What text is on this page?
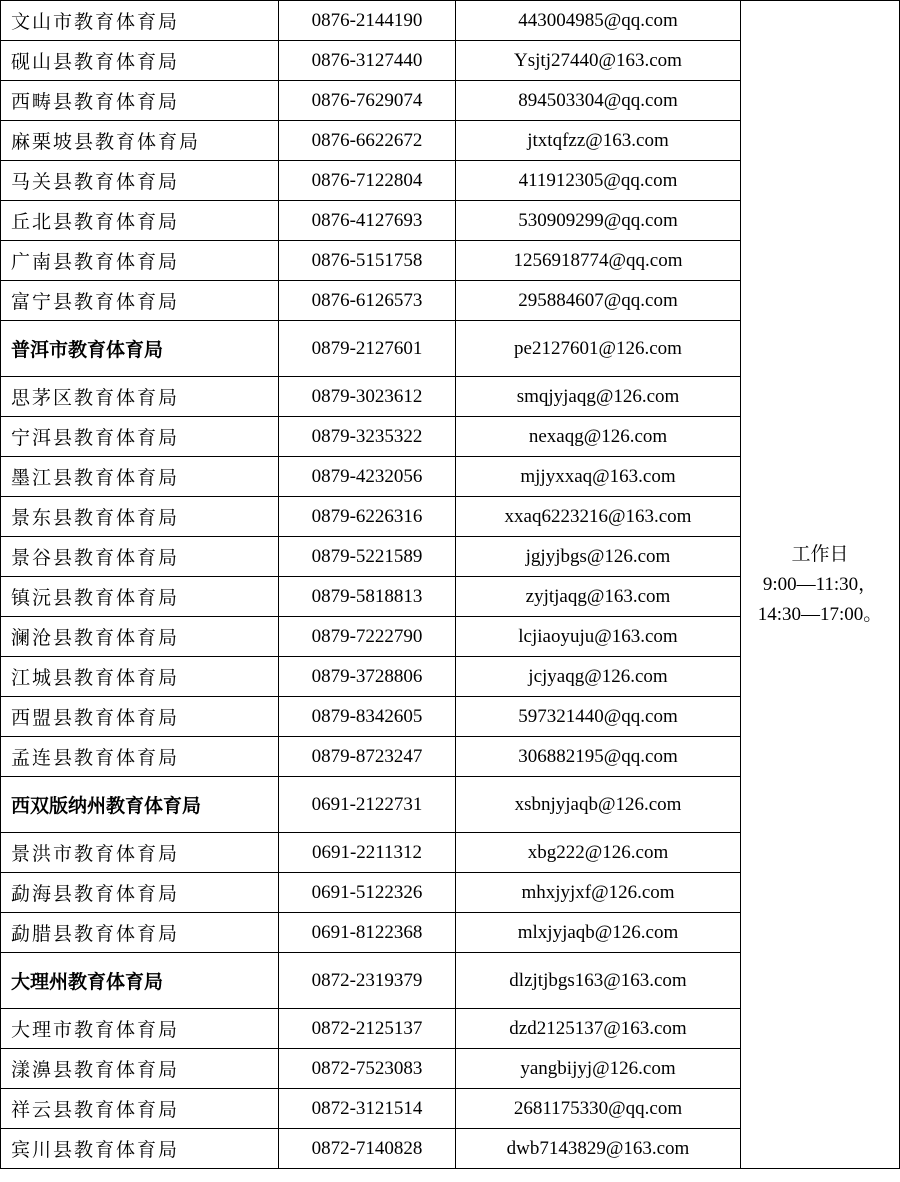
文山市教育体育局	0876-2144190	443004985@qq.com	工作日
9:00—11:30，
14:30—17:00。

砚山县教育体育局	0876-3127440	Ysjtj27440@163.com	
西畴县教育体育局	0876-7629074	894503304@qq.com	
麻栗坡县教育体育局	0876-6622672	jtxtqfzz@163.com	
马关县教育体育局	0876-7122804	411912305@qq.com	
丘北县教育体育局	0876-4127693	530909299@qq.com	
广南县教育体育局	0876-5151758	1256918774@qq.com	
富宁县教育体育局	0876-6126573	295884607@qq.com	
普洱市教育体育局	0879-2127601	pe2127601@126.com	
思茅区教育体育局	0879-3023612	smqjyjaqg@126.com	
宁洱县教育体育局	0879-3235322	nexaqg@126.com	
墨江县教育体育局	0879-4232056	mjjyxxaq@163.com	
景东县教育体育局	0879-6226316	xxaq6223216@163.com	
景谷县教育体育局	0879-5221589	jgjyjbgs@126.com	
镇沅县教育体育局	0879-5818813	zyjtjaqg@163.com	
澜沧县教育体育局	0879-7222790	lcjiaoyuju@163.com	
江城县教育体育局	0879-3728806	jcjyaqg@126.com	
西盟县教育体育局	0879-8342605	597321440@qq.com	
孟连县教育体育局	0879-8723247	306882195@qq.com	
西双版纳州教育体育局	0691-2122731	xsbnjyjaqb@126.com	
景洪市教育体育局	0691-2211312	xbg222@126.com	
勐海县教育体育局	0691-5122326	mhxjyjxf@126.com	
勐腊县教育体育局	0691-8122368	mlxjyjaqb@126.com	
大理州教育体育局	0872-2319379	dlzjtjbgs163@163.com	
大理市教育体育局	0872-2125137	dzd2125137@163.com	
漾濞县教育体育局	0872-7523083	yangbijyj@126.com	
祥云县教育体育局	0872-3121514	2681175330@qq.com	
宾川县教育体育局	0872-7140828	dwb7143829@163.com	
